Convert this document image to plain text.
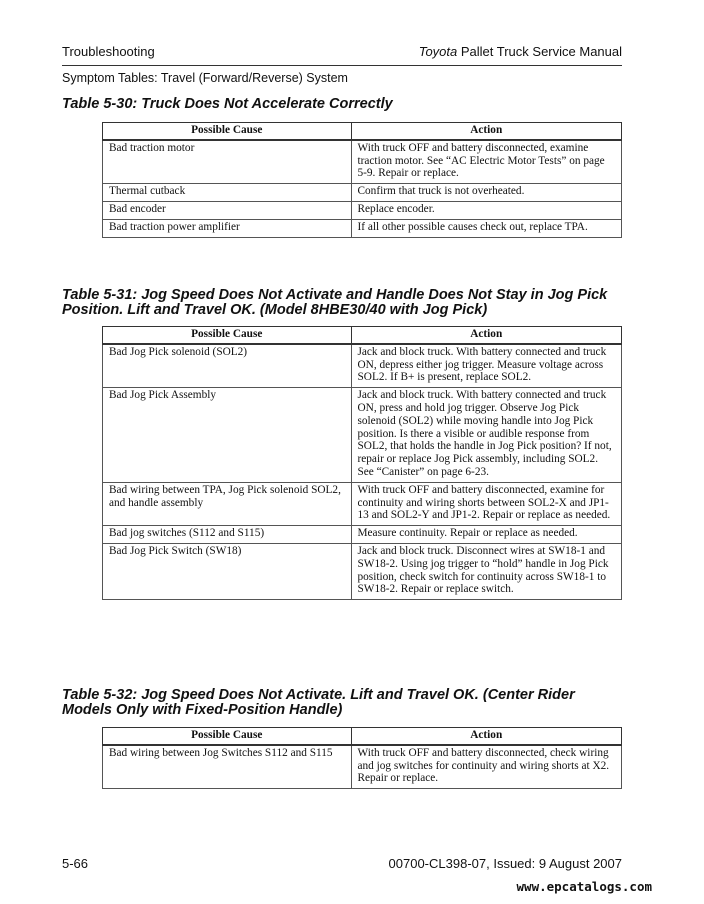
Troubleshooting	Toyota Pallet Truck Service Manual
Symptom Tables: Travel (Forward/Reverse) System
Table 5-30: Truck Does Not Accelerate Correctly
Possible Cause	Action
Bad traction motor	With truck OFF and battery disconnected, examine traction motor. See “AC Electric Motor Tests” on page 5-9. Repair or replace.
Thermal cutback	Confirm that truck is not overheated.
Bad encoder	Replace encoder.
Bad traction power amplifier	If all other possible causes check out, replace TPA.
Table 5-31: Jog Speed Does Not Activate and Handle Does Not Stay in Jog Pick Position. Lift and Travel OK. (Model 8HBE30/40 with Jog Pick)
Possible Cause	Action
Bad Jog Pick solenoid (SOL2)	Jack and block truck. With battery connected and truck ON, depress either jog trigger. Measure voltage across SOL2. If B+ is present, replace SOL2.
Bad Jog Pick Assembly	Jack and block truck. With battery connected and truck ON, press and hold jog trigger. Observe Jog Pick solenoid (SOL2) while moving handle into Jog Pick position. Is there a visible or audible response from SOL2, that holds the handle in Jog Pick position? If not, repair or replace Jog Pick assembly, including SOL2. See “Canister” on page 6-23.
Bad wiring between TPA, Jog Pick solenoid SOL2, and handle assembly	With truck OFF and battery disconnected, examine for continuity and wiring shorts between SOL2-X and JP1-13 and SOL2-Y and JP1-2. Repair or replace as needed.
Bad jog switches (S112 and S115)	Measure continuity. Repair or replace as needed.
Bad Jog Pick Switch (SW18)	Jack and block truck. Disconnect wires at SW18-1 and SW18-2. Using jog trigger to “hold” handle in Jog Pick position, check switch for continuity across SW18-1 to SW18-2. Repair or replace switch.
Table 5-32: Jog Speed Does Not Activate. Lift and Travel OK. (Center Rider Models Only with Fixed-Position Handle)
Possible Cause	Action
Bad wiring between Jog Switches S112 and S115	With truck OFF and battery disconnected, check wiring and jog switches for continuity and wiring shorts at X2. Repair or replace.
5-66	00700-CL398-07, Issued: 9 August 2007
www.epcatalogs.com
